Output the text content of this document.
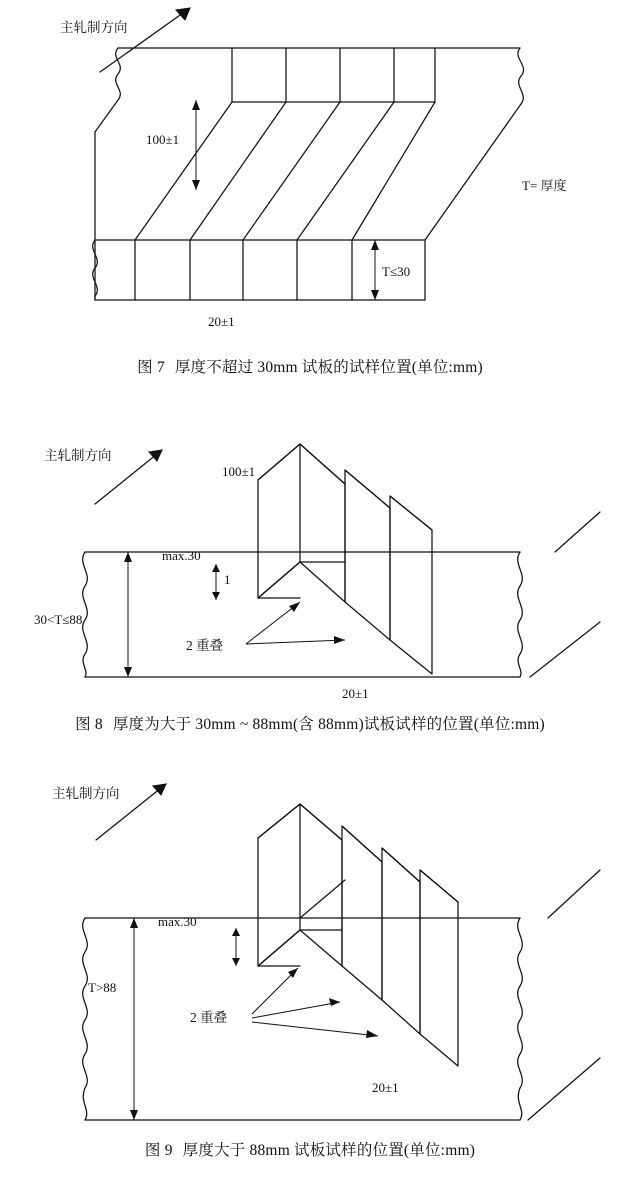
主轧制方向
100±1
T= 厚度
T≤30
20±1
图 7 厚度不超过 30mm 试板的试样位置(单位:mm)
主轧制方向
100±1
30<T≤88
max.30
1
2 重叠
20±1
图 8 厚度为大于 30mm ~ 88mm(含 88mm)试板试样的位置(单位:mm)
主轧制方向
T>88
max.30
2 重叠
20±1
图 9 厚度大于 88mm 试板试样的位置(单位:mm)
